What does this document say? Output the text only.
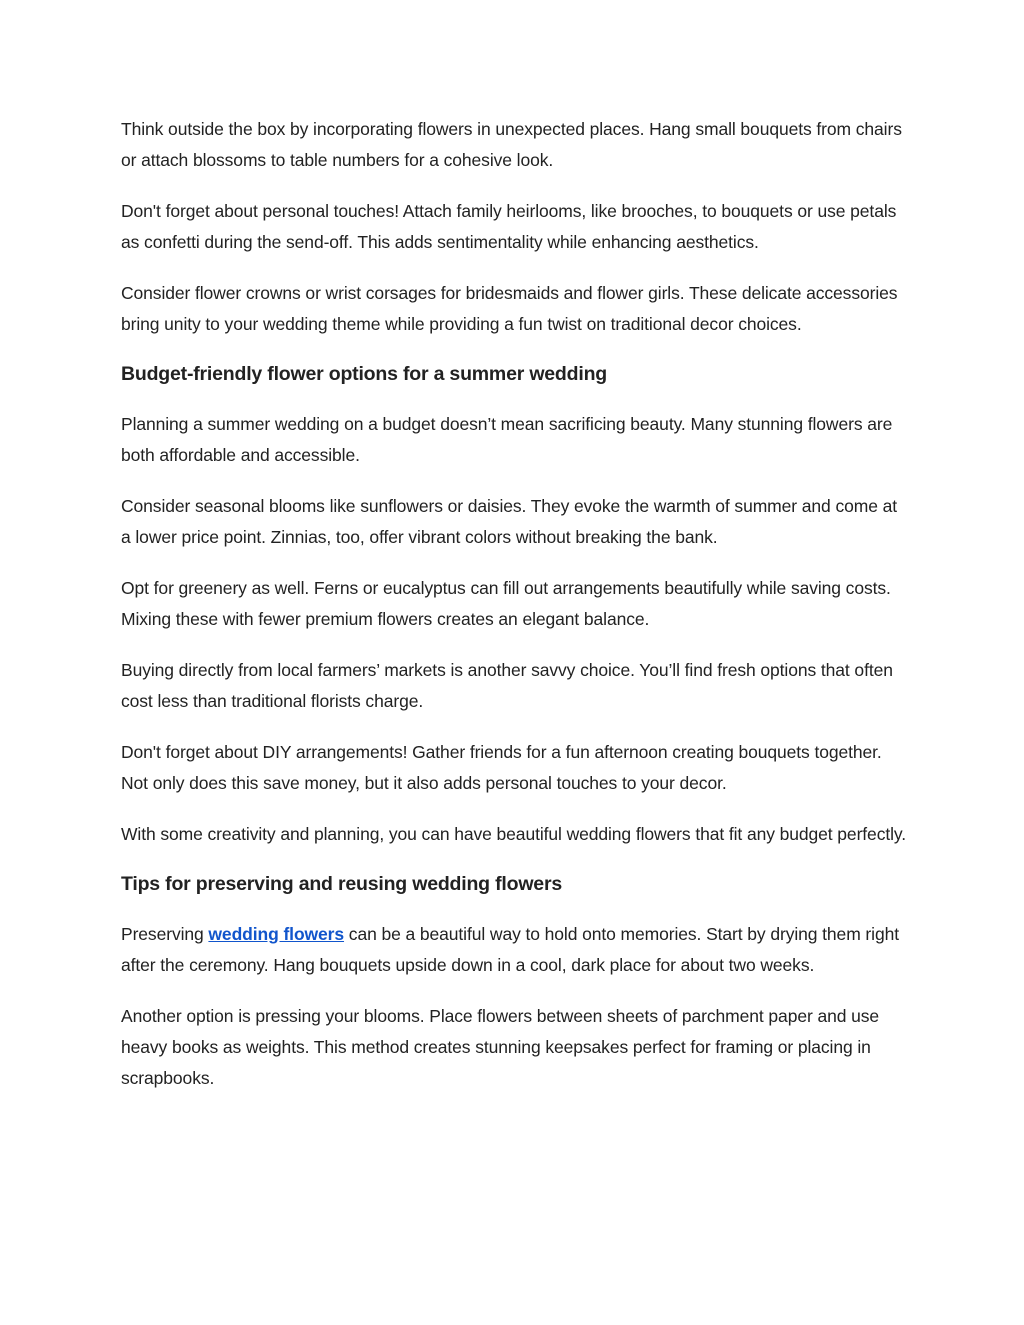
Think outside the box by incorporating flowers in unexpected places. Hang small bouquets from chairs or attach blossoms to table numbers for a cohesive look.

Don't forget about personal touches! Attach family heirlooms, like brooches, to bouquets or use petals as confetti during the send-off. This adds sentimentality while enhancing aesthetics.

Consider flower crowns or wrist corsages for bridesmaids and flower girls. These delicate accessories bring unity to your wedding theme while providing a fun twist on traditional decor choices.

Budget-friendly flower options for a summer wedding

Planning a summer wedding on a budget doesn’t mean sacrificing beauty. Many stunning flowers are both affordable and accessible.

Consider seasonal blooms like sunflowers or daisies. They evoke the warmth of summer and come at a lower price point. Zinnias, too, offer vibrant colors without breaking the bank.

Opt for greenery as well. Ferns or eucalyptus can fill out arrangements beautifully while saving costs. Mixing these with fewer premium flowers creates an elegant balance.

Buying directly from local farmers’ markets is another savvy choice. You’ll find fresh options that often cost less than traditional florists charge.

Don't forget about DIY arrangements! Gather friends for a fun afternoon creating bouquets together. Not only does this save money, but it also adds personal touches to your decor.

With some creativity and planning, you can have beautiful wedding flowers that fit any budget perfectly.

Tips for preserving and reusing wedding flowers

Preserving wedding flowers can be a beautiful way to hold onto memories. Start by drying them right after the ceremony. Hang bouquets upside down in a cool, dark place for about two weeks.

Another option is pressing your blooms. Place flowers between sheets of parchment paper and use heavy books as weights. This method creates stunning keepsakes perfect for framing or placing in scrapbooks.
